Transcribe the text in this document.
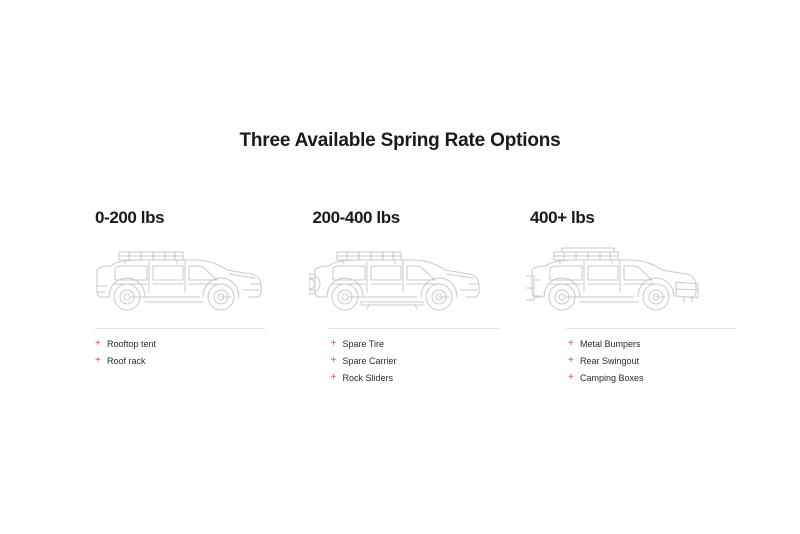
Three Available Spring Rate Options
0-200 lbs
+ Rooftop tent
+ Roof rack
200-400 lbs
+ Spare Tire
+ Spare Carrier
+ Rock Sliders
400+ lbs
+ Metal Bumpers
+ Rear Swingout
+ Camping Boxes
